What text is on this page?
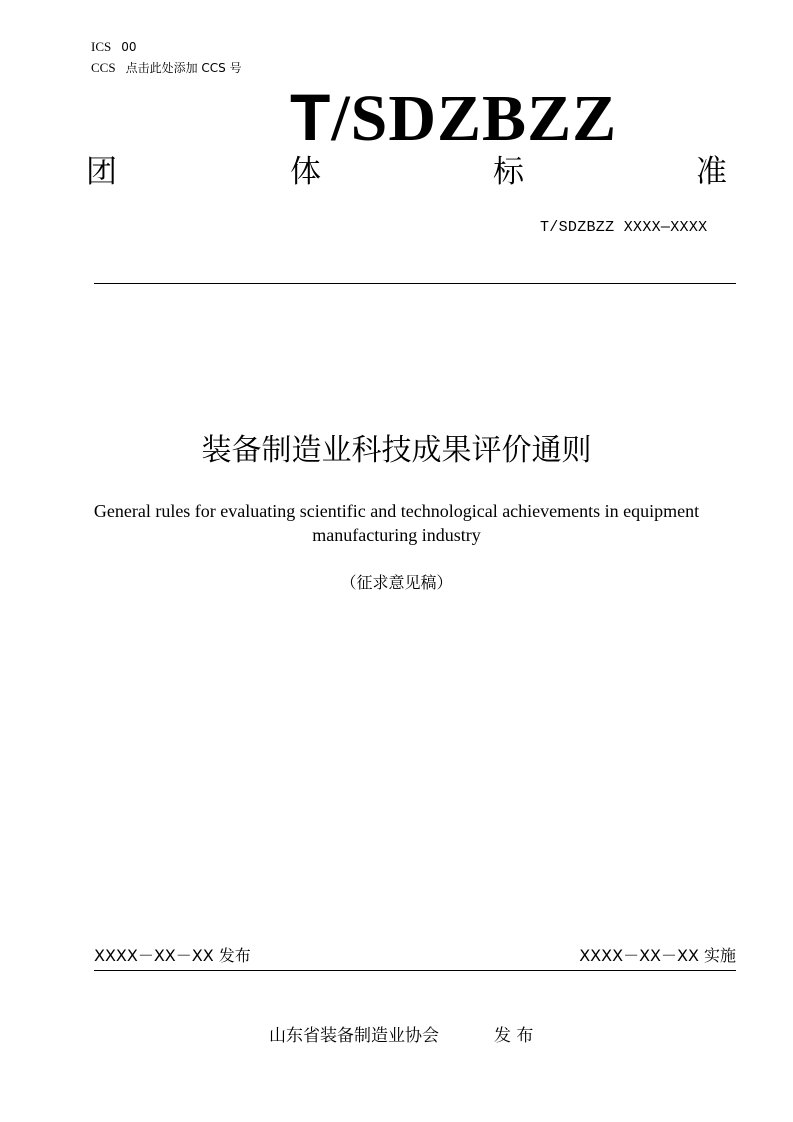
ICS 00
CCS 点击此处添加 CCS 号
T/SDZBZZ
团	体	标	准
T/SDZBZZ XXXX—XXXX
装备制造业科技成果评价通则
General rules for evaluating scientific and technological achievements in equipment
manufacturing industry
（征求意见稿）
XXXX－XX－XX 发布	XXXX－XX－XX 实施
山东省装备制造业协会	发 布
